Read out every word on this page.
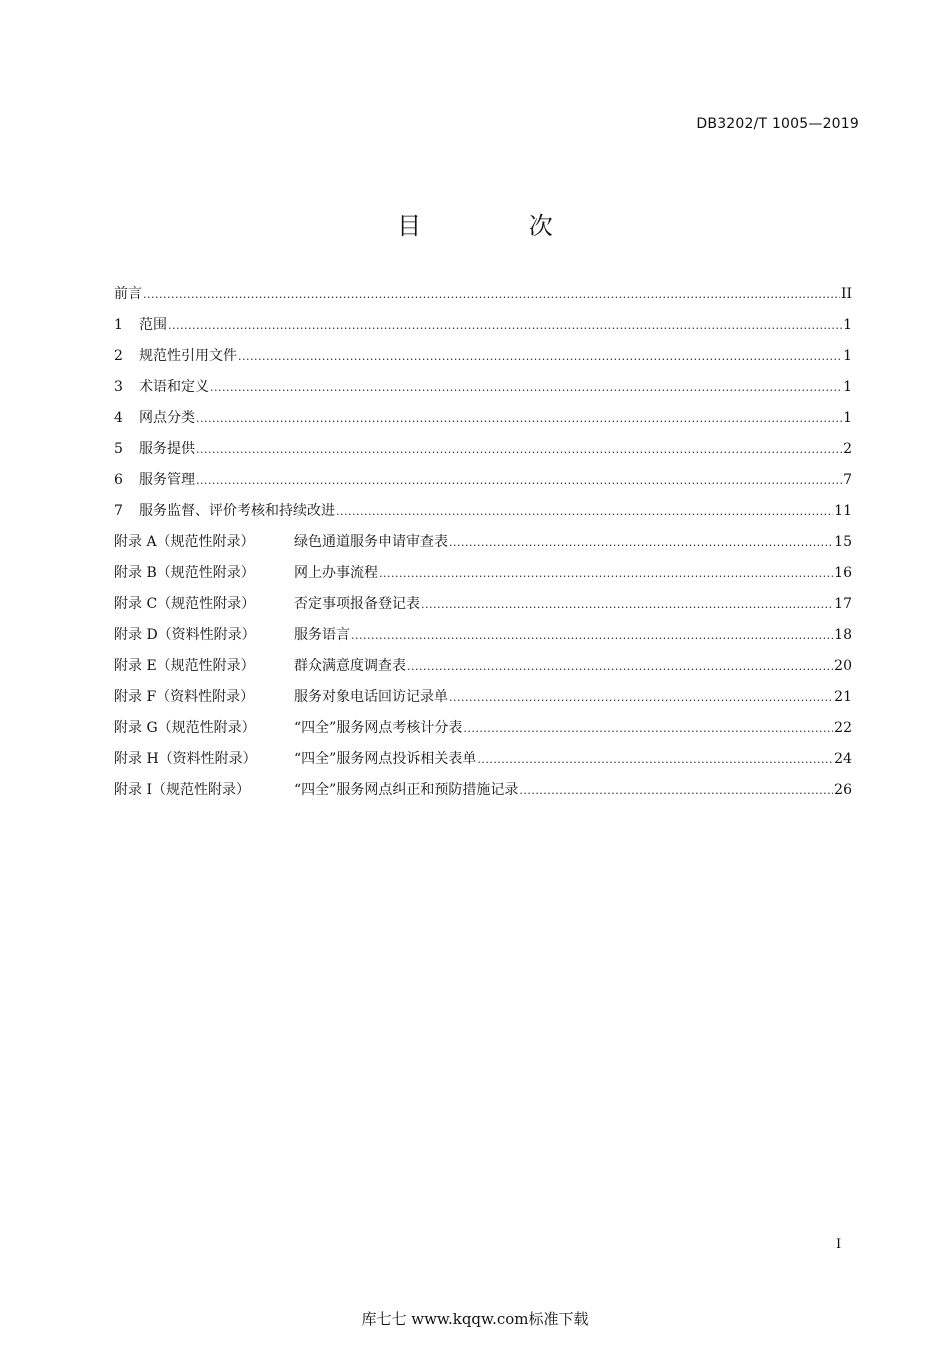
DB3202/T 1005—2019
目 次
前言 .....	II
1	范围 .....	1
2	规范性引用文件 .....	1
3	术语和定义 .....	1
4	网点分类 .....	1
5	服务提供 .....	2
6	服务管理 .....	7
7	服务监督、评价考核和持续改进 .....	11
附录 A（规范性附录）	绿色通道服务申请审查表 .....	15
附录 B（规范性附录）	网上办事流程 .....	16
附录 C（规范性附录）	否定事项报备登记表 .....	17
附录 D（资料性附录）	服务语言 .....	18
附录 E（规范性附录）	群众满意度调查表 .....	20
附录 F（资料性附录）	服务对象电话回访记录单 .....	21
附录 G（规范性附录）	“四全”服务网点考核计分表 .....	22
附录 H（资料性附录）	“四全”服务网点投诉相关表单 .....	24
附录 I（规范性附录）	“四全”服务网点纠正和预防措施记录 .....	26
I
库七七 www.kqqw.com标准下载
